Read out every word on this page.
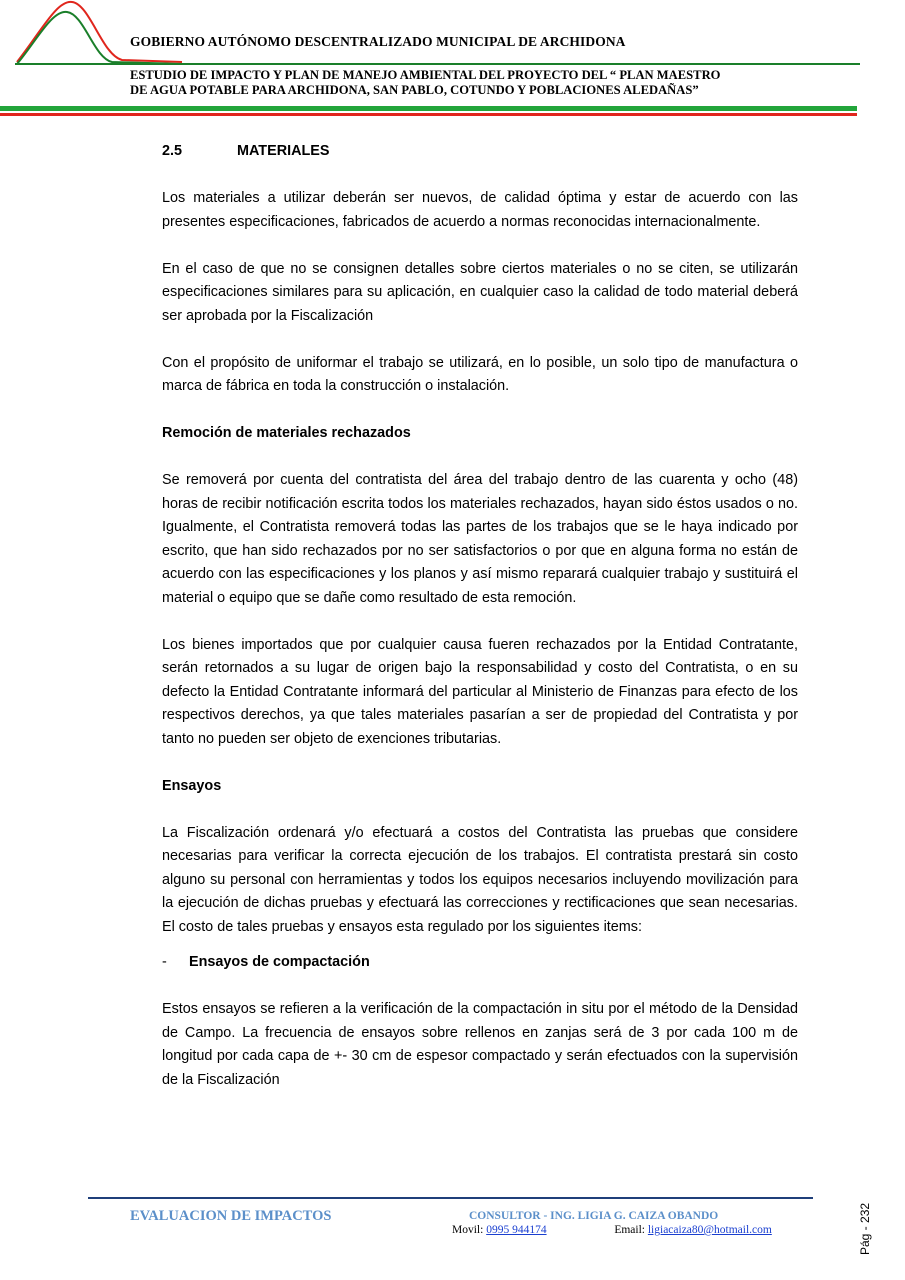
GOBIERNO AUTÓNOMO DESCENTRALIZADO MUNICIPAL DE ARCHIDONA
ESTUDIO DE IMPACTO Y PLAN DE MANEJO AMBIENTAL DEL PROYECTO DEL “ PLAN MAESTRO
DE AGUA POTABLE PARA ARCHIDONA, SAN PABLO, COTUNDO Y POBLACIONES ALEDAÑAS”
2.5	MATERIALES

Los materiales a utilizar deberán ser nuevos, de calidad óptima y estar de acuerdo con las presentes especificaciones, fabricados de acuerdo a normas reconocidas internacionalmente.

En el caso de que no se consignen detalles sobre ciertos materiales o no se citen, se utilizarán especificaciones similares para su aplicación, en cualquier caso la calidad de todo material deberá ser aprobada por la Fiscalización

Con el propósito de uniformar el trabajo se utilizará, en lo posible, un solo tipo de manufactura o marca de fábrica en toda la construcción o instalación.

Remoción de materiales rechazados

Se removerá por cuenta del contratista del área del trabajo dentro de las cuarenta y ocho (48) horas de recibir notificación escrita todos los materiales rechazados, hayan sido éstos usados o no. Igualmente, el Contratista removerá todas las partes de los trabajos que se le haya indicado por escrito, que han sido rechazados por no ser satisfactorios o por que en alguna forma no están de acuerdo con las especificaciones y los planos y así mismo reparará cualquier trabajo y sustituirá el material o equipo que se dañe como resultado de esta remoción.

Los bienes importados que por cualquier causa fueren rechazados por la Entidad Contratante, serán retornados a su lugar de origen bajo la responsabilidad y costo del Contratista, o en su defecto la Entidad Contratante informará del particular al Ministerio de Finanzas para efecto de los respectivos derechos, ya que tales materiales pasarían a ser de propiedad del Contratista y por tanto no pueden ser objeto de exenciones tributarias.

Ensayos

La Fiscalización ordenará y/o efectuará a costos del Contratista las pruebas que considere necesarias para verificar la correcta ejecución de los trabajos. El contratista prestará sin costo alguno su personal con herramientas y todos los equipos necesarios incluyendo movilización para la ejecución de dichas pruebas y efectuará las correcciones y rectificaciones que sean necesarias. El costo de tales pruebas y ensayos esta regulado por los siguientes items:

-	Ensayos de compactación

Estos ensayos se refieren a la verificación de la compactación in situ por el método de la Densidad de Campo. La frecuencia de ensayos sobre rellenos en zanjas será de 3 por cada 100 m de longitud por cada capa de +- 30 cm de espesor compactado y serán efectuados con la supervisión de la Fiscalización

EVALUACION DE IMPACTOS	CONSULTOR - ING. LIGIA G. CAIZA OBANDO
Movil: 0995 944174	Email: ligiacaiza80@hotmail.com	Pág - 232
